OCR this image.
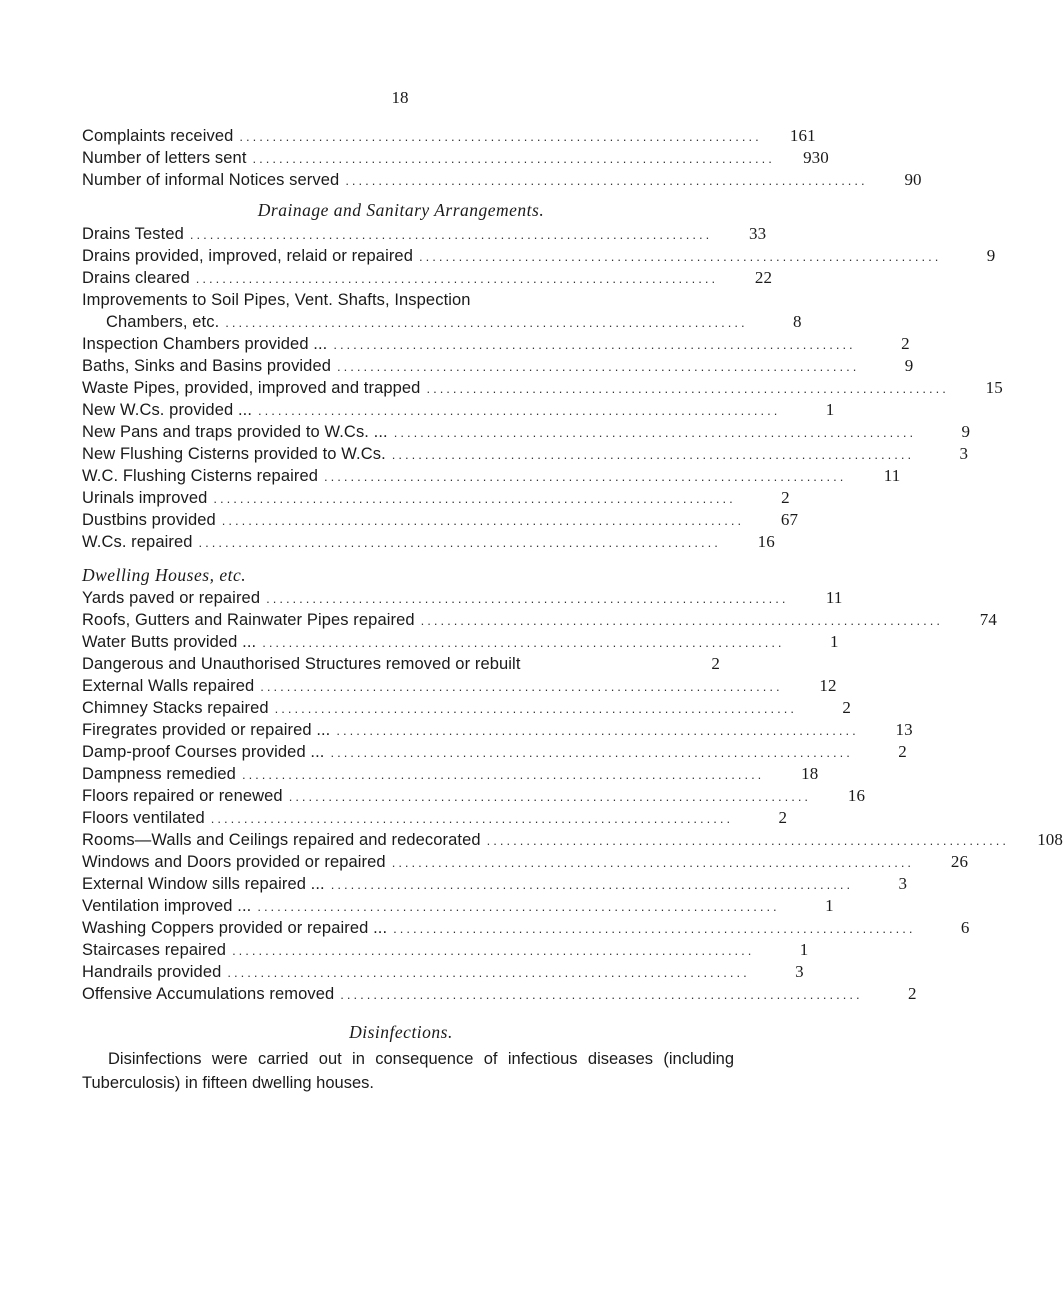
18
Complaints received ...............................................................................	161
Number of letters sent ...............................................................................	930
Number of informal Notices served ...............................................................................	90
Drainage and Sanitary Arrangements.
Drains Tested ...............................................................................	33
Drains provided, improved, relaid or repaired ...............................................................................	9
Drains cleared ...............................................................................	22
Improvements to Soil Pipes, Vent. Shafts, Inspection
Chambers, etc. ...............................................................................	8
Inspection Chambers provided ... ...............................................................................	2
Baths, Sinks and Basins provided ...............................................................................	9
Waste Pipes, provided, improved and trapped ...............................................................................	15
New W.Cs. provided ... ...............................................................................	1
New Pans and traps provided to W.Cs. ... ...............................................................................	9
New Flushing Cisterns provided to W.Cs. ...............................................................................	3
W.C. Flushing Cisterns repaired ...............................................................................	11
Urinals improved ...............................................................................	2
Dustbins provided ...............................................................................	67
W.Cs. repaired ...............................................................................	16
Dwelling Houses, etc.
Yards paved or repaired ...............................................................................	11
Roofs, Gutters and Rainwater Pipes repaired ...............................................................................	74
Water Butts provided ... ...............................................................................	1
Dangerous and Unauthorised Structures removed or rebuilt	2
External Walls repaired ...............................................................................	12
Chimney Stacks repaired ...............................................................................	2
Firegrates provided or repaired ... ...............................................................................	13
Damp-proof Courses provided ... ...............................................................................	2
Dampness remedied ...............................................................................	18
Floors repaired or renewed ...............................................................................	16
Floors ventilated ...............................................................................	2
Rooms—Walls and Ceilings repaired and redecorated ...............................................................................	108
Windows and Doors provided or repaired ...............................................................................	26
External Window sills repaired ... ...............................................................................	3
Ventilation improved ... ...............................................................................	1
Washing Coppers provided or repaired ... ...............................................................................	6
Staircases repaired ...............................................................................	1
Handrails provided ...............................................................................	3
Offensive Accumulations removed ...............................................................................	2
Disinfections.
Disinfections were carried out in consequence of infectious diseases (including Tuberculosis) in fifteen dwelling houses.
